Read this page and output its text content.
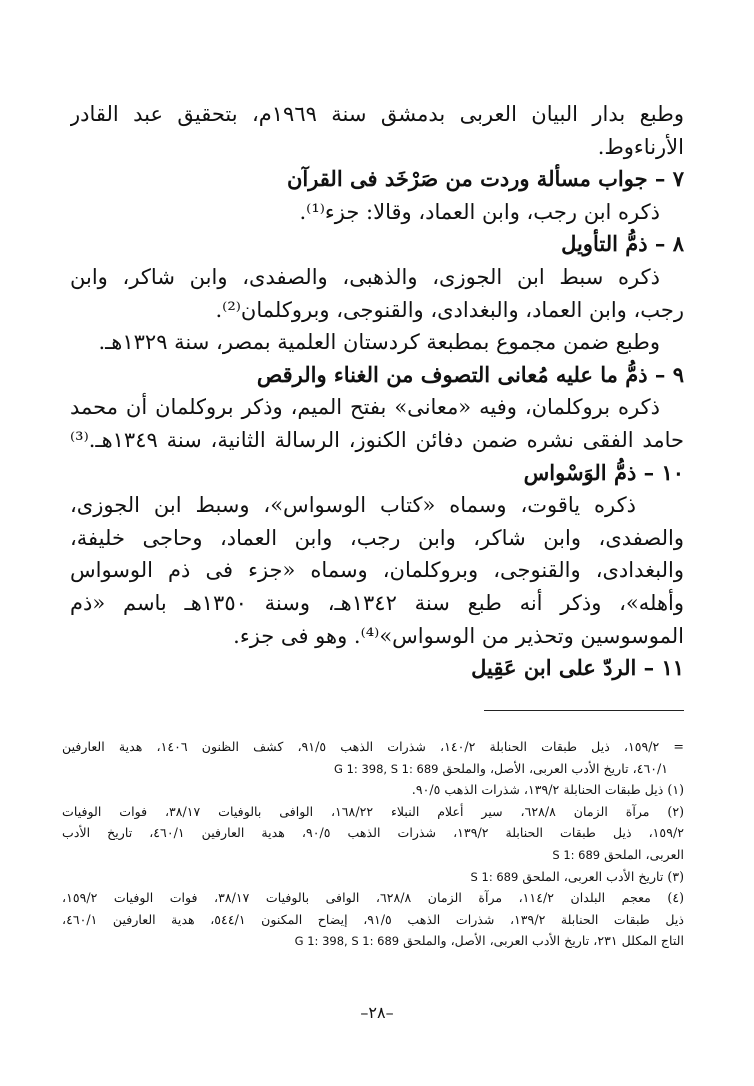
وطبع بدار البيان العربى بدمشق سنة ١٩٦٩م، بتحقيق عبد القادر
الأرناءوط.
٧ – جواب مسألة وردت من صَرْخَد فى القرآن
ذكره ابن رجب، وابن العماد، وقالا: جزء⁽¹⁾.
٨ – ذمُّ التأويل
ذكره سبط ابن الجوزى، والذهبى، والصفدى، وابن شاكر، وابن
رجب، وابن العماد، والبغدادى، والقنوجى، وبروكلمان⁽²⁾.
وطبع ضمن مجموع بمطبعة كردستان العلمية بمصر، سنة ١٣٢٩هـ.
٩ – ذمُّ ما عليه مُعانى التصوف من الغناء والرقص
ذكره بروكلمان، وفيه «معانى» بفتح الميم، وذكر بروكلمان أن محمد
حامد الفقى نشره ضمن دفائن الكنوز، الرسالة الثانية، سنة ١٣٤٩هـ.⁽³⁾
١٠ – ذمُّ الوَسْواس
ذكره ياقوت، وسماه «كتاب الوسواس»، وسبط ابن الجوزى،
والصفدى، وابن شاكر، وابن رجب، وابن العماد، وحاجى خليفة،
والبغدادى، والقنوجى، وبروكلمان، وسماه «جزء فى ذم الوسواس
وأهله»، وذكر أنه طبع سنة ١٣٤٢هـ، وسنة ١٣٥٠هـ باسم «ذم
الموسوسين وتحذير من الوسواس»⁽⁴⁾. وهو فى جزء.
١١ – الردّ على ابن عَقِيل
= ١٥٩/٢، ذيل طبقات الحنابلة ١٤٠/٢، شذرات الذهب ٩١/٥، كشف الظنون ١٤٠٦، هدية العارفين
٤٦٠/١، تاريخ الأدب العربى، الأصل، والملحق G 1: 398, S 1: 689
(١) ذيل طبقات الحنابلة ١٣٩/٢، شذرات الذهب ٩٠/٥.
(٢) مرآة الزمان ٦٢٨/٨، سير أعلام النبلاء ١٦٨/٢٢، الوافى بالوفيات ٣٨/١٧، فوات الوفيات
١٥٩/٢، ذيل طبقات الحنابلة ١٣٩/٢، شذرات الذهب ٩٠/٥، هدية العارفين ٤٦٠/١، تاريخ الأدب
العربى، الملحق S 1: 689
(٣) تاريخ الأدب العربى، الملحق S 1: 689
(٤) معجم البلدان ١١٤/٢، مرآة الزمان ٦٢٨/٨، الوافى بالوفيات ٣٨/١٧، فوات الوفيات ١٥٩/٢،
ذيل طبقات الحنابلة ١٣٩/٢، شذرات الذهب ٩١/٥، إيضاح المكنون ٥٤٤/١، هدية العارفين ٤٦٠/١،
التاج المكلل ٢٣١، تاريخ الأدب العربى، الأصل، والملحق G 1: 398, S 1: 689
–٢٨–
